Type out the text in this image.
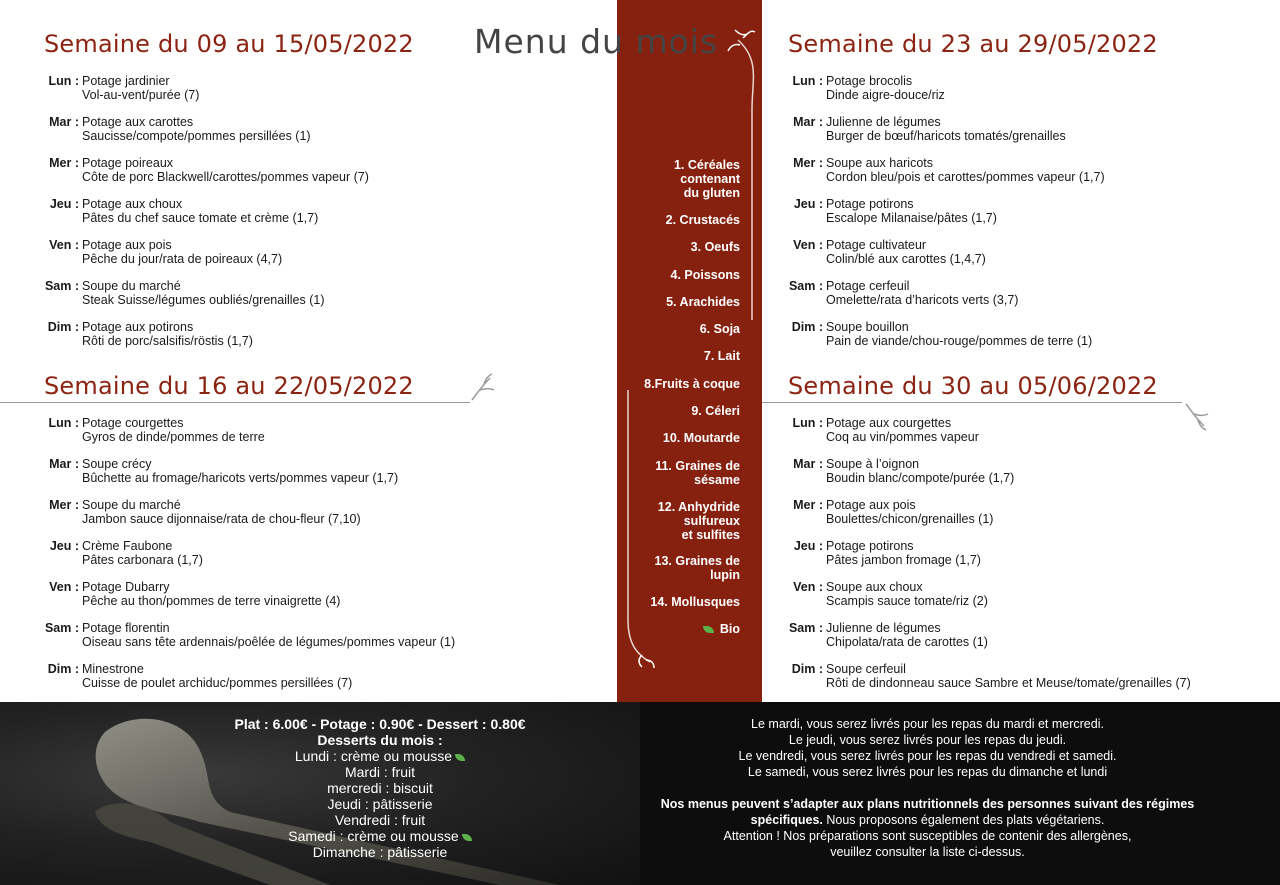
Menu du mois
1. Céréales
contenant
du gluten
2. Crustacés
3. Oeufs
4. Poissons
5. Arachides
6. Soja
7. Lait
8.Fruits à coque
9. Céleri
10. Moutarde
11. Graines de
sésame
12. Anhydride
sulfureux
et sulfites
13. Graines de
lupin
14. Mollusques
Bio
Semaine du 09 au 15/05/2022
Lun : Potage jardinier
Vol-au-vent/purée (7)
Mar : Potage aux carottes
Saucisse/compote/pommes persillées (1)
Mer : Potage poireaux
Côte de porc Blackwell/carottes/pommes vapeur (7)
Jeu : Potage aux choux
Pâtes du chef sauce tomate et crème (1,7)
Ven : Potage aux pois
Pêche du jour/rata de poireaux (4,7)
Sam : Soupe du marché
Steak Suisse/légumes oubliés/grenailles (1)
Dim : Potage aux potirons
Rôti de porc/salsifis/röstis (1,7)
Semaine du 16 au 22/05/2022
Lun : Potage courgettes
Gyros de dinde/pommes de terre
Mar : Soupe crécy
Bûchette au fromage/haricots verts/pommes vapeur (1,7)
Mer : Soupe du marché
Jambon sauce dijonnaise/rata de chou-fleur (7,10)
Jeu : Crème Faubone
Pâtes carbonara (1,7)
Ven : Potage Dubarry
Pêche au thon/pommes de terre vinaigrette (4)
Sam : Potage florentin
Oiseau sans tête ardennais/poêlée de légumes/pommes vapeur (1)
Dim : Minestrone
Cuisse de poulet archiduc/pommes persillées (7)
Semaine du 23 au 29/05/2022
Lun : Potage brocolis
Dinde aigre-douce/riz
Mar : Julienne de légumes
Burger de bœuf/haricots tomatés/grenailles
Mer : Soupe aux haricots
Cordon bleu/pois et carottes/pommes vapeur (1,7)
Jeu : Potage potirons
Escalope Milanaise/pâtes (1,7)
Ven : Potage cultivateur
Colin/blé aux carottes (1,4,7)
Sam : Potage cerfeuil
Omelette/rata d’haricots verts (3,7)
Dim : Soupe bouillon
Pain de viande/chou-rouge/pommes de terre (1)
Semaine du 30 au 05/06/2022
Lun : Potage aux courgettes
Coq au vin/pommes vapeur
Mar : Soupe à l’oignon
Boudin blanc/compote/purée (1,7)
Mer : Potage aux pois
Boulettes/chicon/grenailles (1)
Jeu : Potage potirons
Pâtes jambon fromage (1,7)
Ven : Soupe aux choux
Scampis sauce tomate/riz (2)
Sam : Julienne de légumes
Chipolata/rata de carottes (1)
Dim : Soupe cerfeuil
Rôti de dindonneau sauce Sambre et Meuse/tomate/grenailles (7)
Plat : 6.00€ - Potage : 0.90€ - Dessert : 0.80€
Desserts du mois :
Lundi : crème ou mousse
Mardi : fruit
mercredi : biscuit
Jeudi : pâtisserie
Vendredi : fruit
Samedi : crème ou mousse
Dimanche : pâtisserie
Le mardi, vous serez livrés pour les repas du mardi et mercredi.
Le jeudi, vous serez livrés pour les repas du jeudi.
Le vendredi, vous serez livrés pour les repas du vendredi et samedi.
Le samedi, vous serez livrés pour les repas du dimanche et lundi
Nos menus peuvent s’adapter aux plans nutritionnels des personnes suivant des régimes spécifiques. Nous proposons également des plats végétariens.
Attention ! Nos préparations sont susceptibles de contenir des allergènes,
veuillez consulter la liste ci-dessus.
